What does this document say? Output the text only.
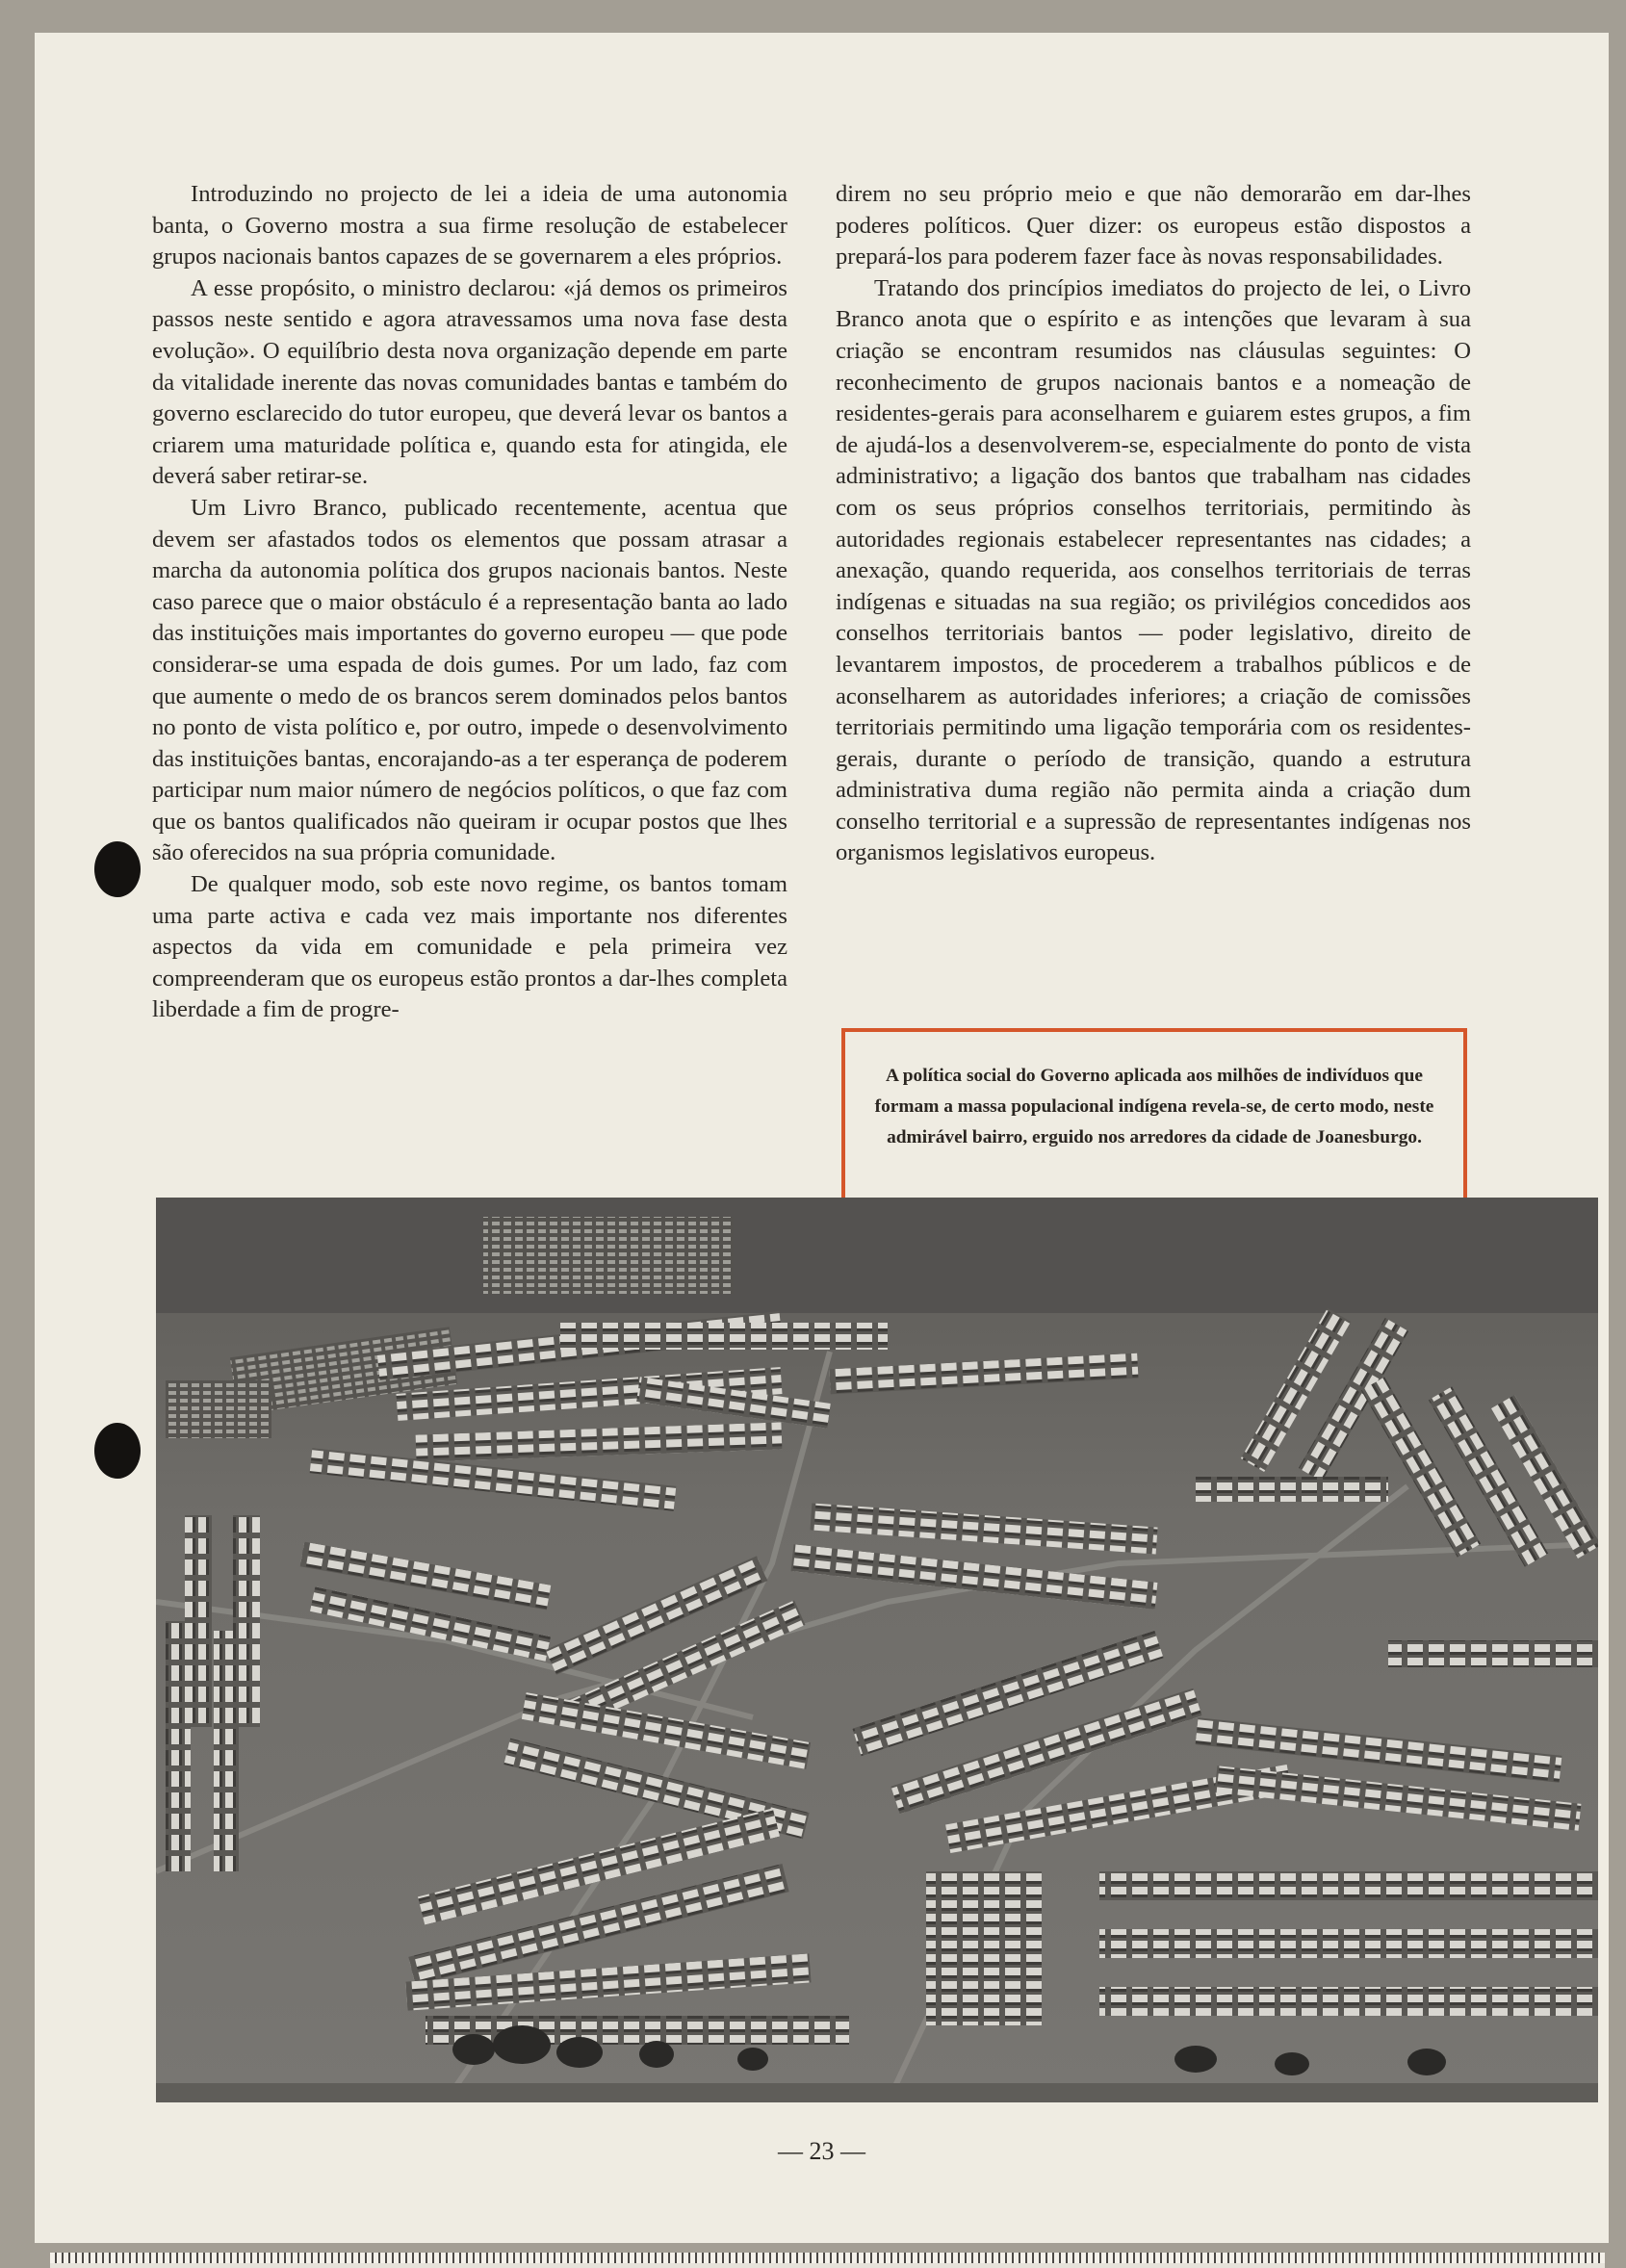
Introduzindo no projecto de lei a ideia de uma autonomia banta, o Governo mostra a sua firme resolução de estabelecer grupos nacionais bantos capazes de se governarem a eles próprios.

A esse propósito, o ministro declarou: «já demos os primeiros passos neste sentido e agora atravessamos uma nova fase desta evolução». O equilíbrio desta nova organização depende em parte da vitalidade inerente das novas comunidades bantas e também do governo esclarecido do tutor europeu, que deverá levar os bantos a criarem uma maturidade política e, quando esta for atingida, ele deverá saber retirar-se.

Um Livro Branco, publicado recentemente, acentua que devem ser afastados todos os elementos que possam atrasar a marcha da autonomia política dos grupos nacionais bantos. Neste caso parece que o maior obstáculo é a representação banta ao lado das instituições mais importantes do governo europeu — que pode considerar-se uma espada de dois gumes. Por um lado, faz com que aumente o medo de os brancos serem dominados pelos bantos no ponto de vista político e, por outro, impede o desenvolvimento das instituições bantas, encorajando-as a ter esperança de poderem participar num maior número de negócios políticos, o que faz com que os bantos qualificados não queiram ir ocupar postos que lhes são oferecidos na sua própria comunidade.

De qualquer modo, sob este novo regime, os bantos tomam uma parte activa e cada vez mais importante nos diferentes aspectos da vida em comunidade e pela primeira vez compreenderam que os europeus estão prontos a dar-lhes completa liberdade a fim de progre-

direm no seu próprio meio e que não demorarão em dar-lhes poderes políticos. Quer dizer: os europeus estão dispostos a prepará-los para poderem fazer face às novas responsabilidades.

Tratando dos princípios imediatos do projecto de lei, o Livro Branco anota que o espírito e as intenções que levaram à sua criação se encontram resumidos nas cláusulas seguintes: O reconhecimento de grupos nacionais bantos e a nomeação de residentes-gerais para aconselharem e guiarem estes grupos, a fim de ajudá-los a desenvolverem-se, especialmente do ponto de vista administrativo; a ligação dos bantos que trabalham nas cidades com os seus próprios conselhos territoriais, permitindo às autoridades regionais estabelecer representantes nas cidades; a anexação, quando requerida, aos conselhos territoriais de terras indígenas e situadas na sua região; os privilégios concedidos aos conselhos territoriais bantos — poder legislativo, direito de levantarem impostos, de procederem a trabalhos públicos e de aconselharem as autoridades inferiores; a criação de comissões territoriais permitindo uma ligação temporária com os residentes-gerais, durante o período de transição, quando a estrutura administrativa duma região não permita ainda a criação dum conselho territorial e a supressão de representantes indígenas nos organismos legislativos europeus.

A política social do Governo aplicada aos milhões de indivíduos que formam a massa populacional indígena revela-se, de certo modo, neste admirável bairro, erguido nos arredores da cidade de Joanesburgo.
— 23 —
